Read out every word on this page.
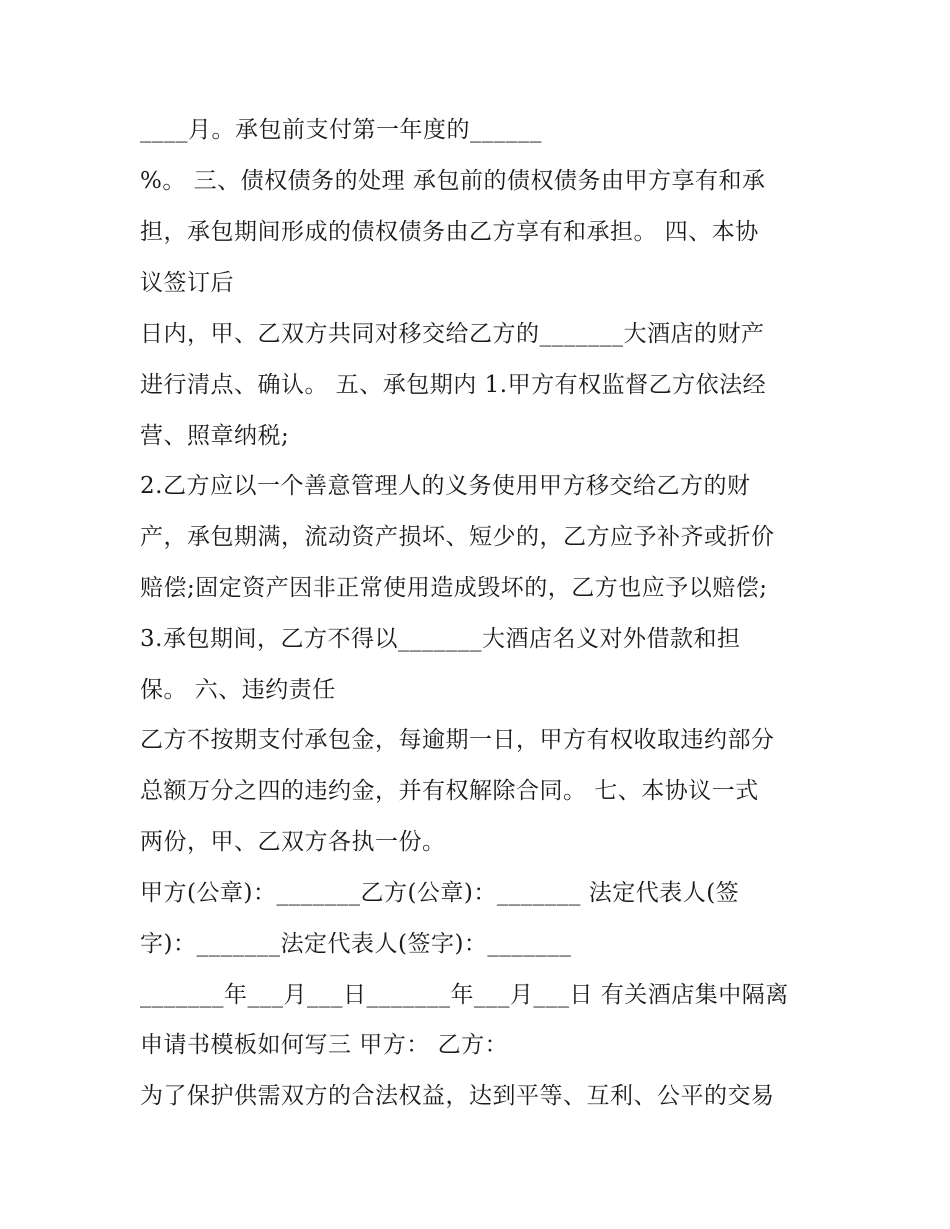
____月。承包前支付第一年度的______
%。 三、债权债务的处理 承包前的债权债务由甲方享有和承
担，承包期间形成的债权债务由乙方享有和承担。 四、本协
议签订后
日内，甲、乙双方共同对移交给乙方的_______大酒店的财产
进行清点、确认。 五、承包期内 1.甲方有权监督乙方依法经
营、照章纳税;
2.乙方应以一个善意管理人的义务使用甲方移交给乙方的财
产，承包期满，流动资产损坏、短少的，乙方应予补齐或折价
赔偿;固定资产因非正常使用造成毁坏的，乙方也应予以赔偿;
3.承包期间，乙方不得以_______大酒店名义对外借款和担
保。 六、违约责任
乙方不按期支付承包金，每逾期一日，甲方有权收取违约部分
总额万分之四的违约金，并有权解除合同。 七、本协议一式
两份，甲、乙双方各执一份。
甲方(公章)：_______乙方(公章)：_______ 法定代表人(签
字)：_______法定代表人(签字)：_______
_______年___月___日_______年___月___日 有关酒店集中隔离
申请书模板如何写三 甲方： 乙方：
为了保护供需双方的合法权益，达到平等、互利、公平的交易
